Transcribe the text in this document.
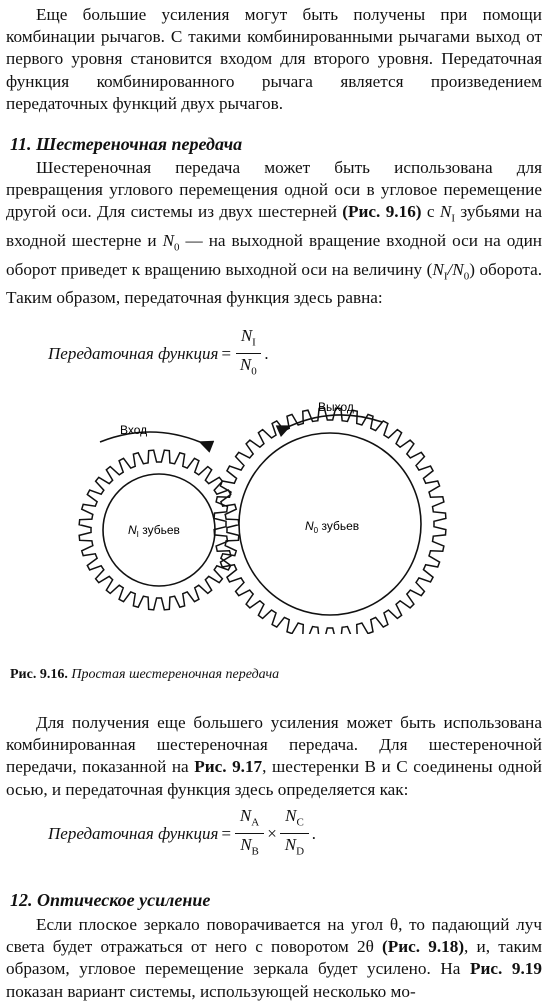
Еще большие усиления могут быть получены при помощи комбинации рычагов. С такими комбинированными рычагами выход от первого уровня становится входом для второго уровня. Передаточная функция комбинированного рычага является произведением передаточных функций двух рычагов.

11. Шестереночная передача

Шестереночная передача может быть использована для превращения углового перемещения одной оси в угловое перемещение другой оси. Для системы из двух шестерней (Рис. 9.16) с $N_I$ зубьями на входной шестерне и $N_0$ — на выходной вращение входной оси на один оборот приведет к вращению выходной оси на величину $(N_I/N_0)$ оборота. Таким образом, передаточная функция здесь равна:

Передаточная функция = $\frac{N_I}{N_0}$ .
Вход
Выход
$N_I$ зубьев	$N_0$ зубьев
Рис. 9.16. Простая шестереночная передача

Для получения еще большего усиления может быть использована комбинированная шестереночная передача. Для шестереночной передачи, показанной на Рис. 9.17, шестеренки B и C соединены одной осью, и передаточная функция здесь определяется как:

Передаточная функция = $\frac{N_A}{N_B} \times \frac{N_C}{N_D}$ .

12. Оптическое усиление

Если плоское зеркало поворачивается на угол θ, то падающий луч света будет отражаться от него с поворотом 2θ (Рис. 9.18), и, таким образом, угловое перемещение зеркала будет усилено. На Рис. 9.19 показан вариант системы, использующей несколько мо-
